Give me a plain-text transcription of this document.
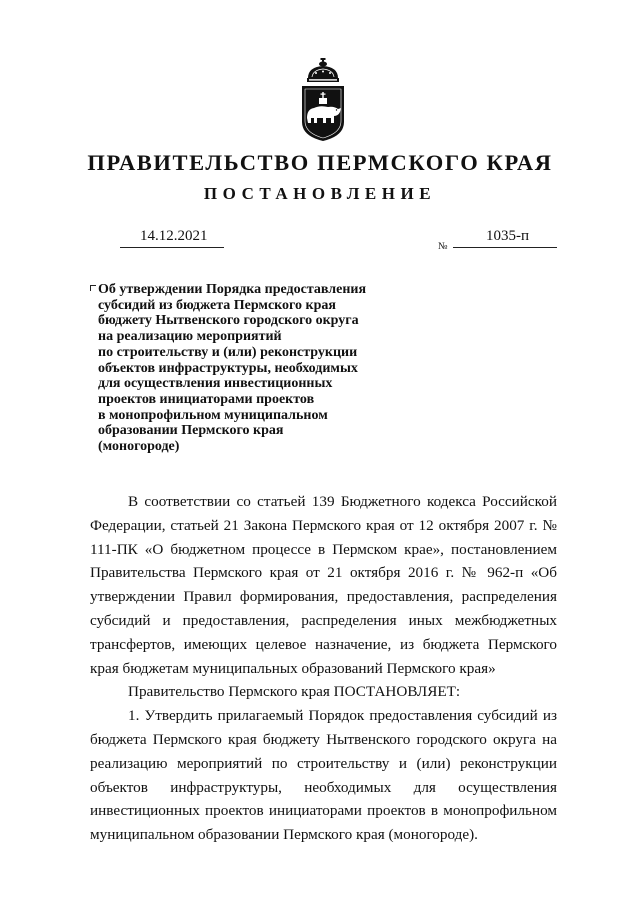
ПРАВИТЕЛЬСТВО ПЕРМСКОГО КРАЯ
ПОСТАНОВЛЕНИЕ
14.12.2021
№
1035-п
Об утверждении Порядка предоставления
субсидий из бюджета Пермского края
бюджету Нытвенского городского округа
на реализацию мероприятий
по строительству и (или) реконструкции
объектов инфраструктуры, необходимых
для осуществления инвестиционных
проектов инициаторами проектов
в монопрофильном муниципальном
образовании Пермского края
(моногороде)

В соответствии со статьей 139 Бюджетного кодекса Российской Федерации, статьей 21 Закона Пермского края от 12 октября 2007 г. № 111-ПК «О бюджетном процессе в Пермском крае», постановлением Правительства Пермского края от 21 октября 2016 г. № 962-п «Об утверждении Правил формирования, предоставления, распределения субсидий и предоставления, распределения иных межбюджетных трансфертов, имеющих целевое назначение, из бюджета Пермского края бюджетам муниципальных образований Пермского края»

Правительство Пермского края ПОСТАНОВЛЯЕТ:

1. Утвердить прилагаемый Порядок предоставления субсидий из бюджета Пермского края бюджету Нытвенского городского округа на реализацию мероприятий по строительству и (или) реконструкции объектов инфраструктуры, необходимых для осуществления инвестиционных проектов инициаторами проектов в монопрофильном муниципальном образовании Пермского края (моногороде).
